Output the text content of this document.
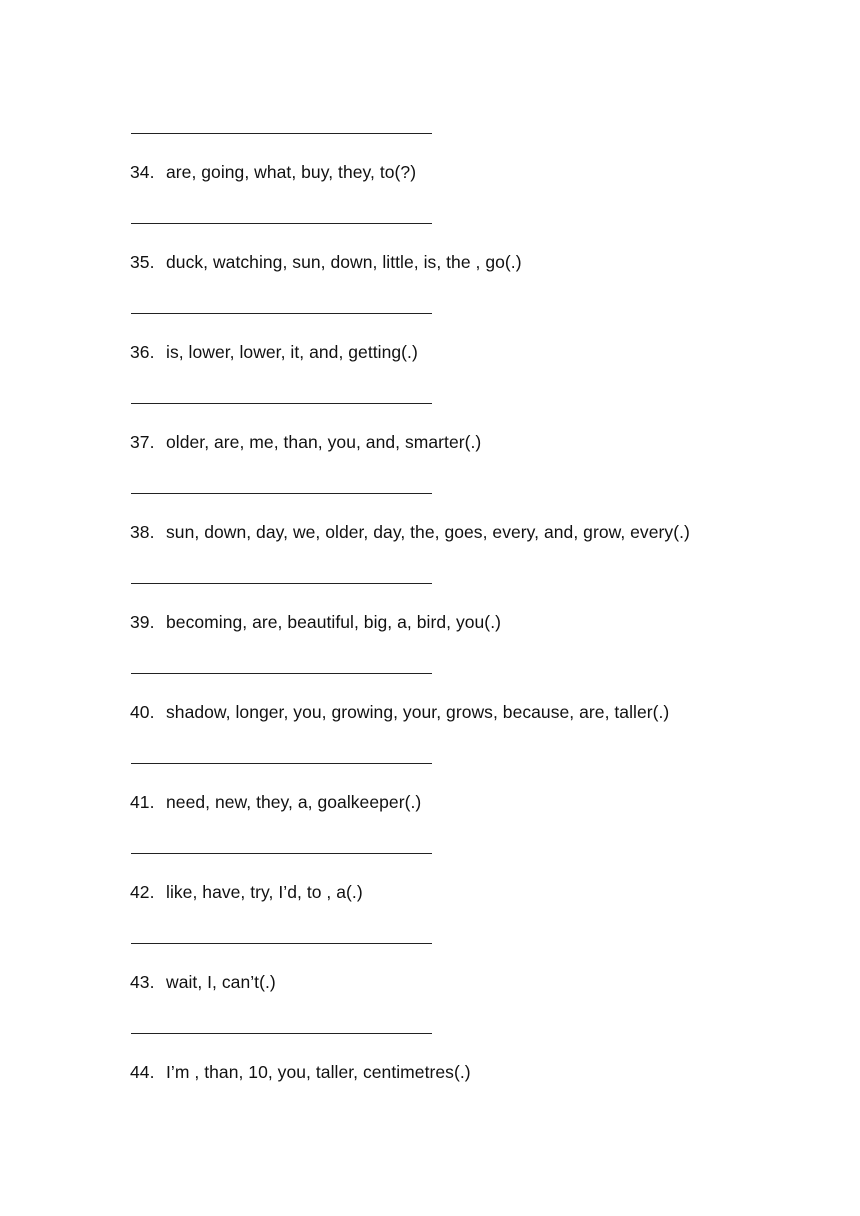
34. are, going, what, buy, they, to(?)
35. duck, watching, sun, down, little, is, the , go(.)
36. is, lower, lower, it, and, getting(.)
37. older, are, me, than, you, and, smarter(.)
38. sun, down, day, we, older, day, the, goes, every, and, grow, every(.)
39. becoming, are, beautiful, big, a, bird, you(.)
40. shadow, longer, you, growing, your, grows, because, are, taller(.)
41. need, new, they, a, goalkeeper(.)
42. like, have, try, I’d, to , a(.)
43. wait, I, can’t(.)
44. I’m , than, 10, you, taller, centimetres(.)
